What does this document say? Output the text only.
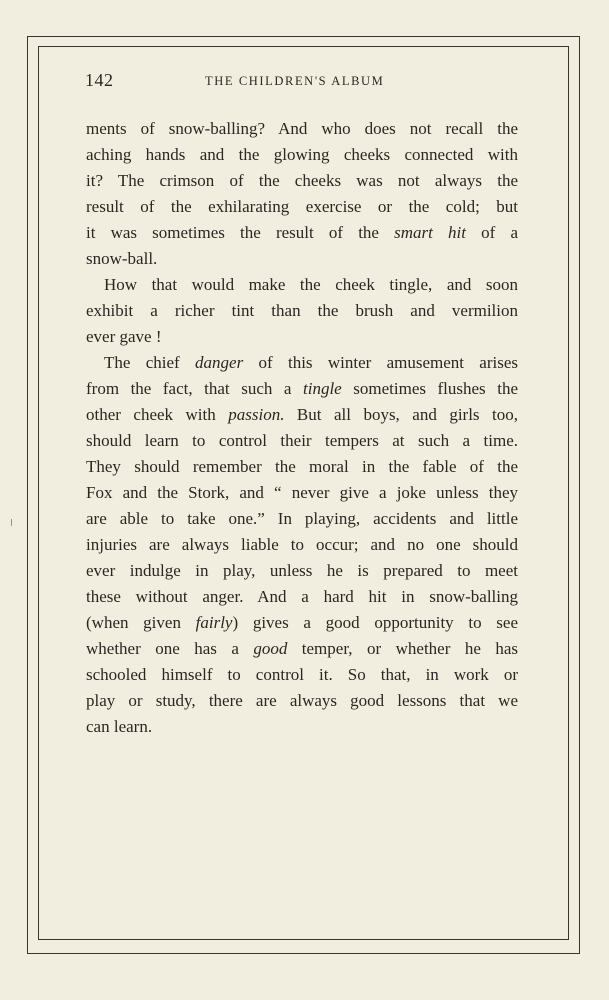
142	THE CHILDREN'S ALBUM
ments of snow-balling? And who does not recall the
aching hands and the glowing cheeks connected with
it? The crimson of the cheeks was not always the
result of the exhilarating exercise or the cold; but
it was sometimes the result of the smart hit of a
snow-ball.
How that would make the cheek tingle, and soon
exhibit a richer tint than the brush and vermilion
ever gave !
The chief danger of this winter amusement arises
from the fact, that such a tingle sometimes flushes the
other cheek with passion. But all boys, and girls too,
should learn to control their tempers at such a time.
They should remember the moral in the fable of the
Fox and the Stork, and “ never give a joke unless they
are able to take one.” In playing, accidents and little
injuries are always liable to occur; and no one should
ever indulge in play, unless he is prepared to meet
these without anger. And a hard hit in snow-balling
(when given fairly) gives a good opportunity to see
whether one has a good temper, or whether he has
schooled himself to control it. So that, in work or
play or study, there are always good lessons that we
can learn.
